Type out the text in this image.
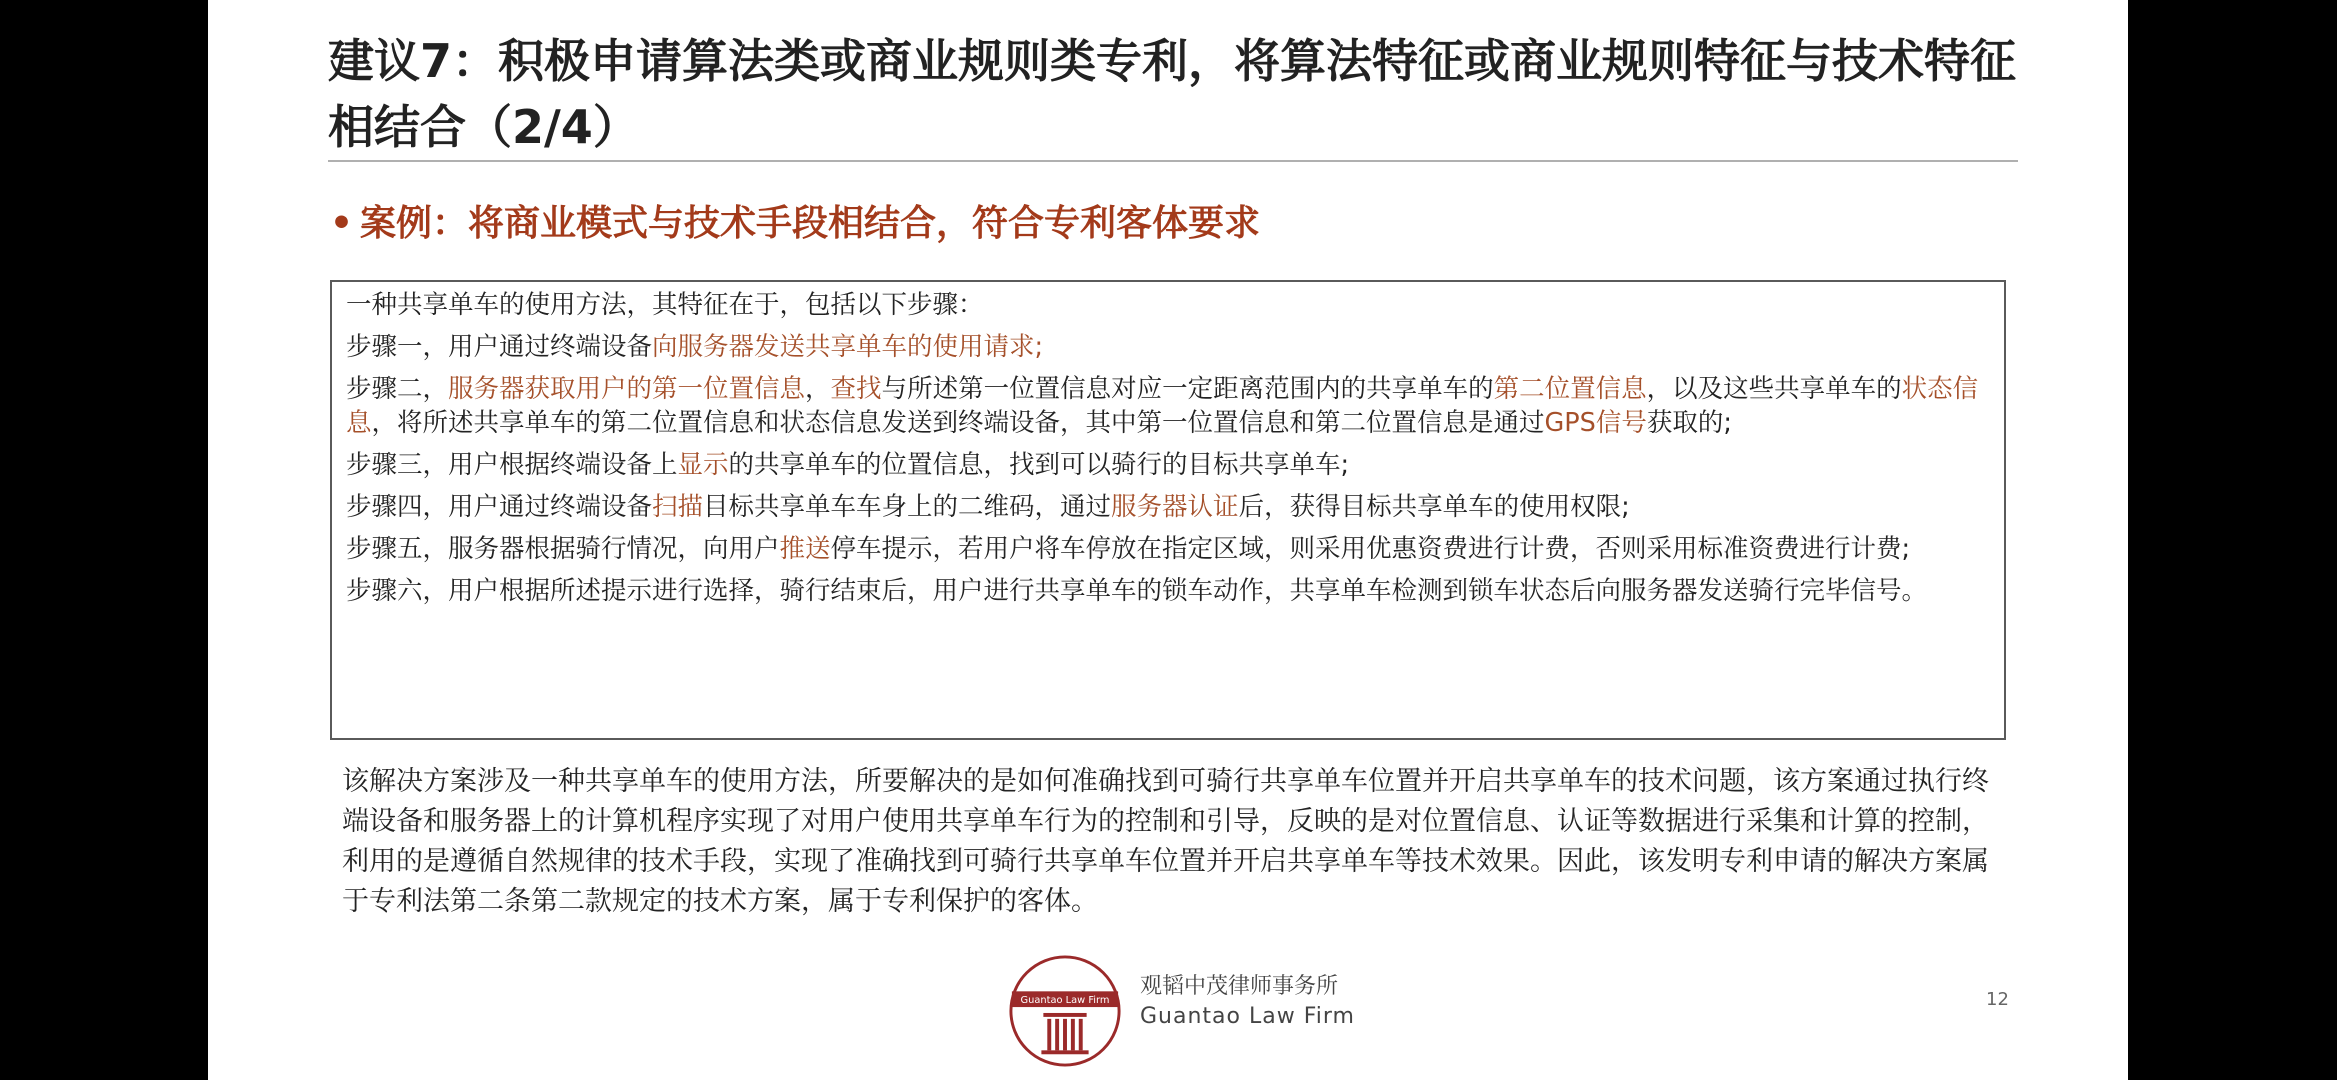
建议7：积极申请算法类或商业规则类专利，将算法特征或商业规则特征与技术特征相结合（2/4）
• 案例：将商业模式与技术手段相结合，符合专利客体要求
一种共享单车的使用方法，其特征在于，包括以下步骤：
步骤一，用户通过终端设备向服务器发送共享单车的使用请求;
步骤二，服务器获取用户的第一位置信息，查找与所述第一位置信息对应一定距离范围内的共享单车的第二位置信息，以及这些共享单车的状态信息，将所述共享单车的第二位置信息和状态信息发送到终端设备，其中第一位置信息和第二位置信息是通过GPS信号获取的;
步骤三，用户根据终端设备上显示的共享单车的位置信息，找到可以骑行的目标共享单车;
步骤四，用户通过终端设备扫描目标共享单车车身上的二维码，通过服务器认证后，获得目标共享单车的使用权限;
步骤五，服务器根据骑行情况，向用户推送停车提示，若用户将车停放在指定区域，则采用优惠资费进行计费，否则采用标准资费进行计费;
步骤六，用户根据所述提示进行选择，骑行结束后，用户进行共享单车的锁车动作，共享单车检测到锁车状态后向服务器发送骑行完毕信号。
该解决方案涉及一种共享单车的使用方法，所要解决的是如何准确找到可骑行共享单车位置并开启共享单车的技术问题，该方案通过执行终端设备和服务器上的计算机程序实现了对用户使用共享单车行为的控制和引导，反映的是对位置信息、认证等数据进行采集和计算的控制，利用的是遵循自然规律的技术手段，实现了准确找到可骑行共享单车位置并开启共享单车等技术效果。因此，该发明专利申请的解决方案属于专利法第二条第二款规定的技术方案，属于专利保护的客体。
Guantao Law Firm
观韬中茂律师事务所
Guantao Law Firm
12
